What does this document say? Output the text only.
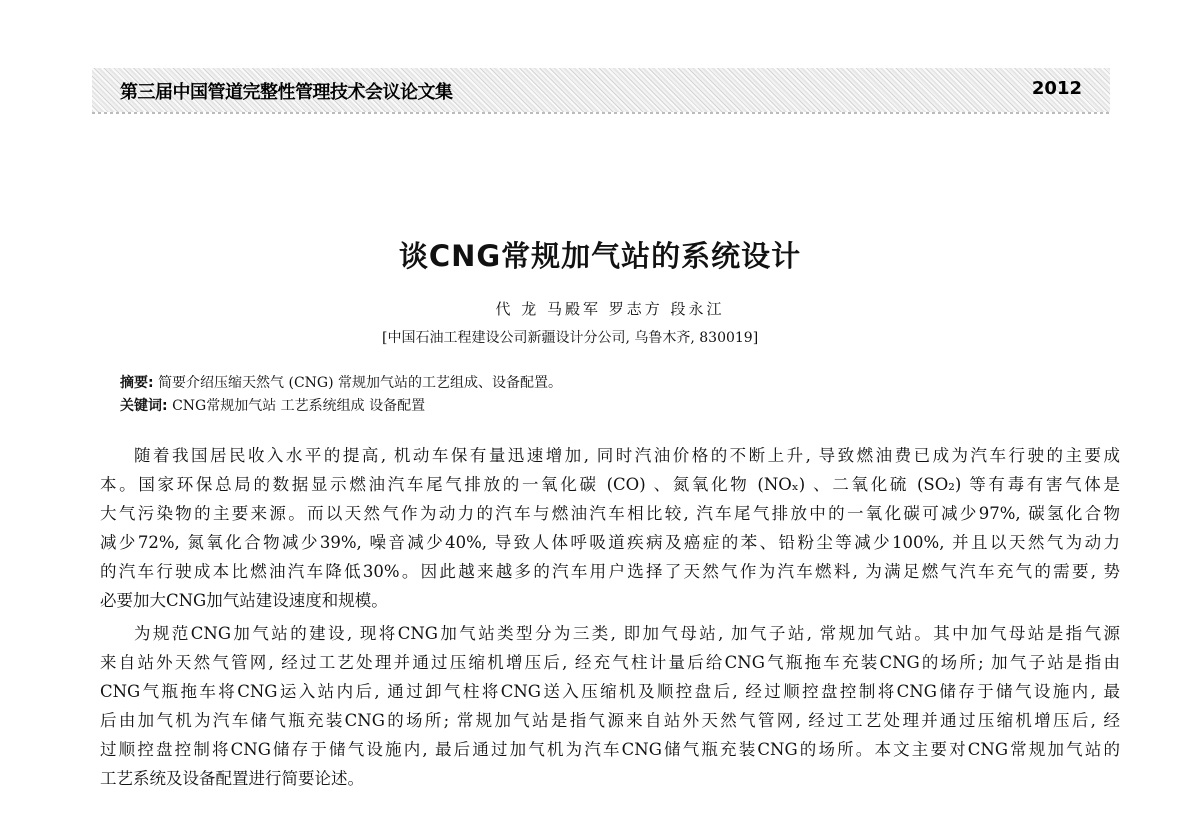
第三届中国管道完整性管理技术会议论文集	2012
谈CNG常规加气站的系统设计
代 龙 马殿军 罗志方 段永江
[中国石油工程建设公司新疆设计分公司, 乌鲁木齐, 830019]
摘要: 简要介绍压缩天然气 (CNG) 常规加气站的工艺组成、设备配置。
关键词: CNG常规加气站 工艺系统组成 设备配置
随着我国居民收入水平的提高, 机动车保有量迅速增加, 同时汽油价格的不断上升, 导致燃油费已成为汽车行驶的主要成
本。国家环保总局的数据显示燃油汽车尾气排放的一氧化碳 (CO) 、氮氧化物 (NOₓ) 、二氧化硫 (SO₂) 等有毒有害气体是
大气污染物的主要来源。而以天然气作为动力的汽车与燃油汽车相比较, 汽车尾气排放中的一氧化碳可减少97%, 碳氢化合物
减少72%, 氮氧化合物减少39%, 噪音减少40%, 导致人体呼吸道疾病及癌症的苯、铅粉尘等减少100%, 并且以天然气为动力
的汽车行驶成本比燃油汽车降低30%。因此越来越多的汽车用户选择了天然气作为汽车燃料, 为满足燃气汽车充气的需要, 势
必要加大CNG加气站建设速度和规模。
为规范CNG加气站的建设, 现将CNG加气站类型分为三类, 即加气母站, 加气子站, 常规加气站。其中加气母站是指气源
来自站外天然气管网, 经过工艺处理并通过压缩机增压后, 经充气柱计量后给CNG气瓶拖车充装CNG的场所; 加气子站是指由
CNG气瓶拖车将CNG运入站内后, 通过卸气柱将CNG送入压缩机及顺控盘后, 经过顺控盘控制将CNG储存于储气设施内, 最
后由加气机为汽车储气瓶充装CNG的场所; 常规加气站是指气源来自站外天然气管网, 经过工艺处理并通过压缩机增压后, 经
过顺控盘控制将CNG储存于储气设施内, 最后通过加气机为汽车CNG储气瓶充装CNG的场所。本文主要对CNG常规加气站的
工艺系统及设备配置进行简要论述。
